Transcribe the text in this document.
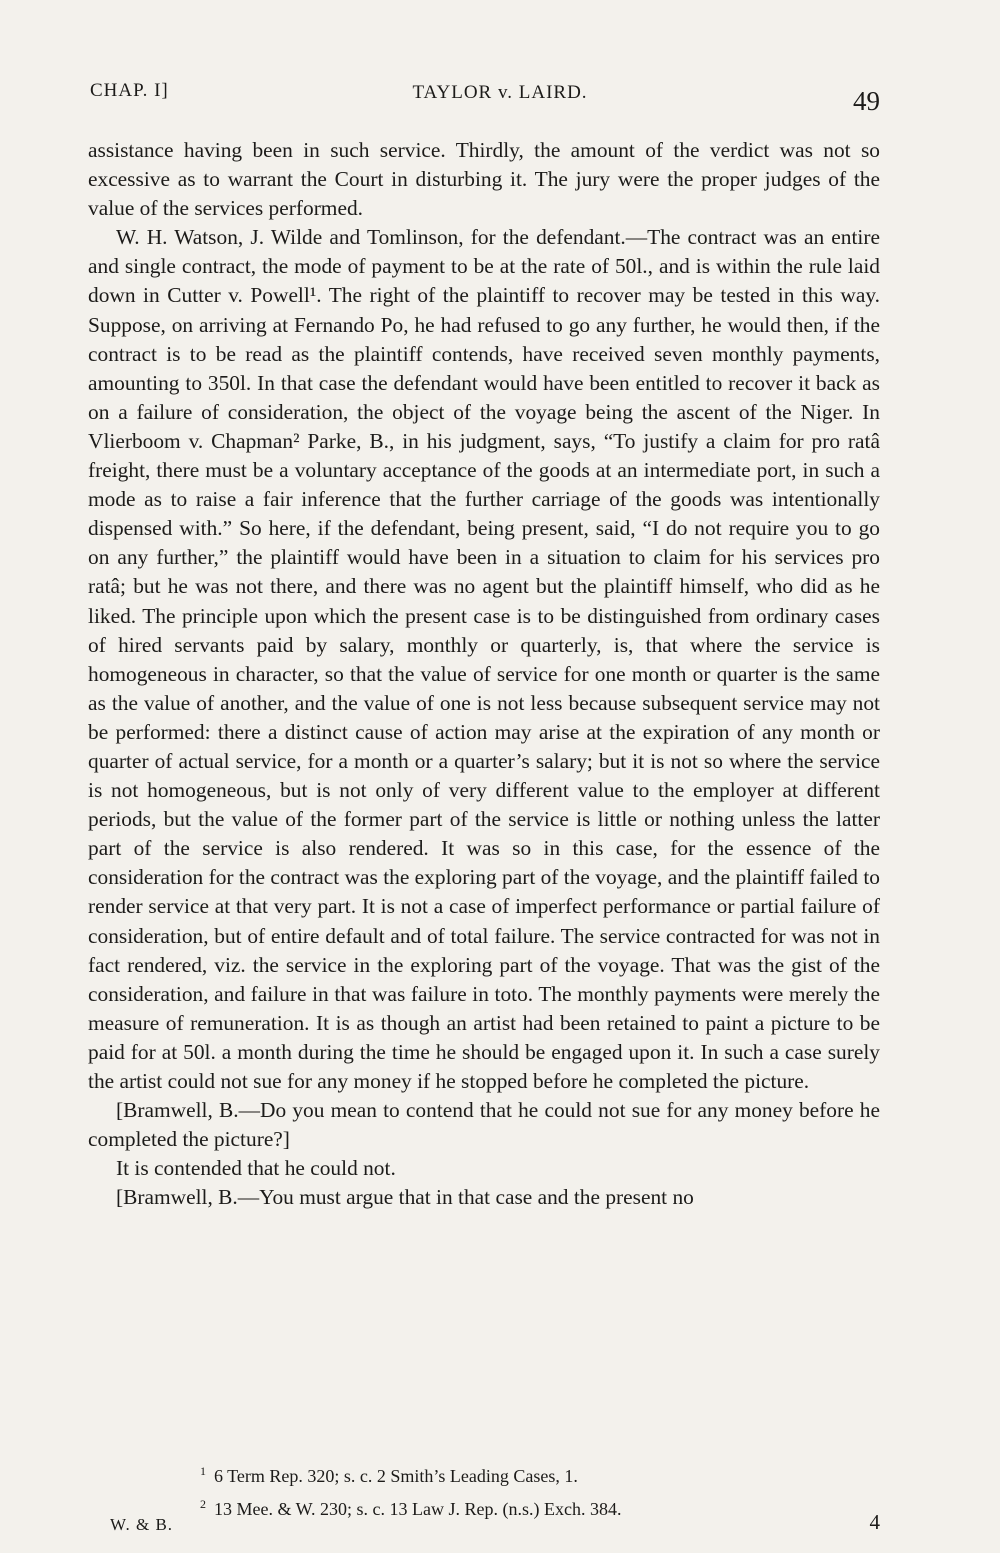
CHAP. I]	TAYLOR v. LAIRD.	49

assistance having been in such service. Thirdly, the amount of the verdict was not so excessive as to warrant the Court in disturbing it. The jury were the proper judges of the value of the services performed.

W. H. Watson, J. Wilde and Tomlinson, for the defendant.—The contract was an entire and single contract, the mode of payment to be at the rate of 50l., and is within the rule laid down in Cutter v. Powell¹. The right of the plaintiff to recover may be tested in this way. Suppose, on arriving at Fernando Po, he had refused to go any further, he would then, if the contract is to be read as the plaintiff contends, have received seven monthly payments, amounting to 350l. In that case the defendant would have been entitled to recover it back as on a failure of consideration, the object of the voyage being the ascent of the Niger. In Vlierboom v. Chapman² Parke, B., in his judgment, says, “To justify a claim for pro ratâ freight, there must be a voluntary acceptance of the goods at an intermediate port, in such a mode as to raise a fair inference that the further carriage of the goods was intentionally dispensed with.” So here, if the defendant, being present, said, “I do not require you to go on any further,” the plaintiff would have been in a situation to claim for his services pro ratâ; but he was not there, and there was no agent but the plaintiff himself, who did as he liked. The principle upon which the present case is to be distinguished from ordinary cases of hired servants paid by salary, monthly or quarterly, is, that where the service is homogeneous in character, so that the value of service for one month or quarter is the same as the value of another, and the value of one is not less because subsequent service may not be performed: there a distinct cause of action may arise at the expiration of any month or quarter of actual service, for a month or a quarter’s salary; but it is not so where the service is not homogeneous, but is not only of very different value to the employer at different periods, but the value of the former part of the service is little or nothing unless the latter part of the service is also rendered. It was so in this case, for the essence of the consideration for the contract was the exploring part of the voyage, and the plaintiff failed to render service at that very part. It is not a case of imperfect performance or partial failure of consideration, but of entire default and of total failure. The service contracted for was not in fact rendered, viz. the service in the exploring part of the voyage. That was the gist of the consideration, and failure in that was failure in toto. The monthly payments were merely the measure of remuneration. It is as though an artist had been retained to paint a picture to be paid for at 50l. a month during the time he should be engaged upon it. In such a case surely the artist could not sue for any money if he stopped before he completed the picture.

[Bramwell, B.—Do you mean to contend that he could not sue for any money before he completed the picture?]

It is contended that he could not.

[Bramwell, B.—You must argue that in that case and the present no

$^1$ 6 Term Rep. 320; s. c. 2 Smith’s Leading Cases, 1.
$^2$ 13 Mee. & W. 230; s. c. 13 Law J. Rep. (n.s.) Exch. 384.
W. & B.	4
